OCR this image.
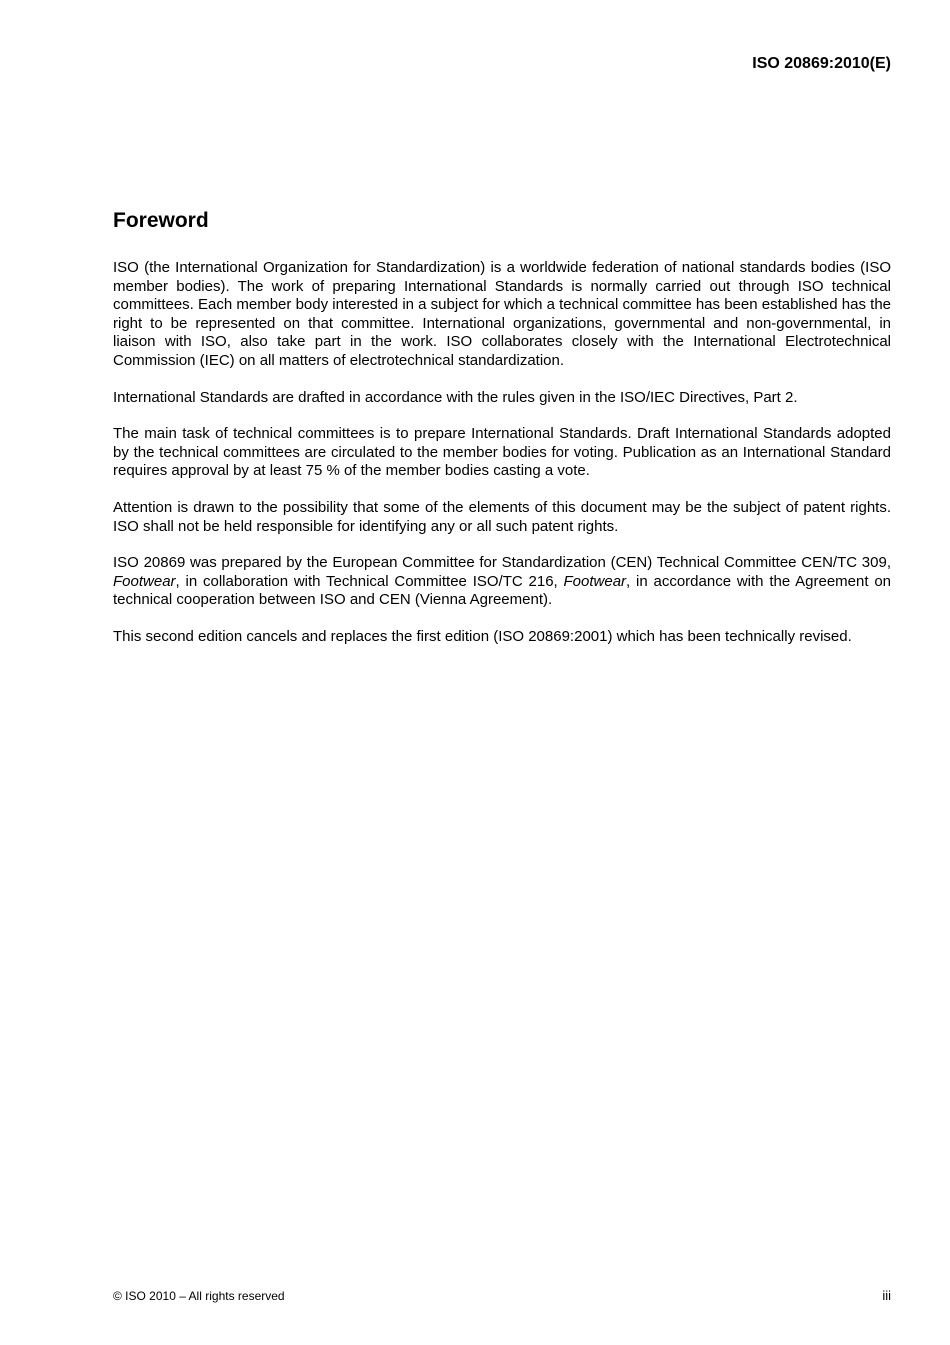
ISO 20869:2010(E)

Foreword

ISO (the International Organization for Standardization) is a worldwide federation of national standards bodies (ISO member bodies). The work of preparing International Standards is normally carried out through ISO technical committees. Each member body interested in a subject for which a technical committee has been established has the right to be represented on that committee. International organizations, governmental and non-governmental, in liaison with ISO, also take part in the work. ISO collaborates closely with the International Electrotechnical Commission (IEC) on all matters of electrotechnical standardization.

International Standards are drafted in accordance with the rules given in the ISO/IEC Directives, Part 2.

The main task of technical committees is to prepare International Standards. Draft International Standards adopted by the technical committees are circulated to the member bodies for voting. Publication as an International Standard requires approval by at least 75 % of the member bodies casting a vote.

Attention is drawn to the possibility that some of the elements of this document may be the subject of patent rights. ISO shall not be held responsible for identifying any or all such patent rights.

ISO 20869 was prepared by the European Committee for Standardization (CEN) Technical Committee CEN/TC 309, Footwear, in collaboration with Technical Committee ISO/TC 216, Footwear, in accordance with the Agreement on technical cooperation between ISO and CEN (Vienna Agreement).

This second edition cancels and replaces the first edition (ISO 20869:2001) which has been technically revised.

© ISO 2010 – All rights reserved	iii
